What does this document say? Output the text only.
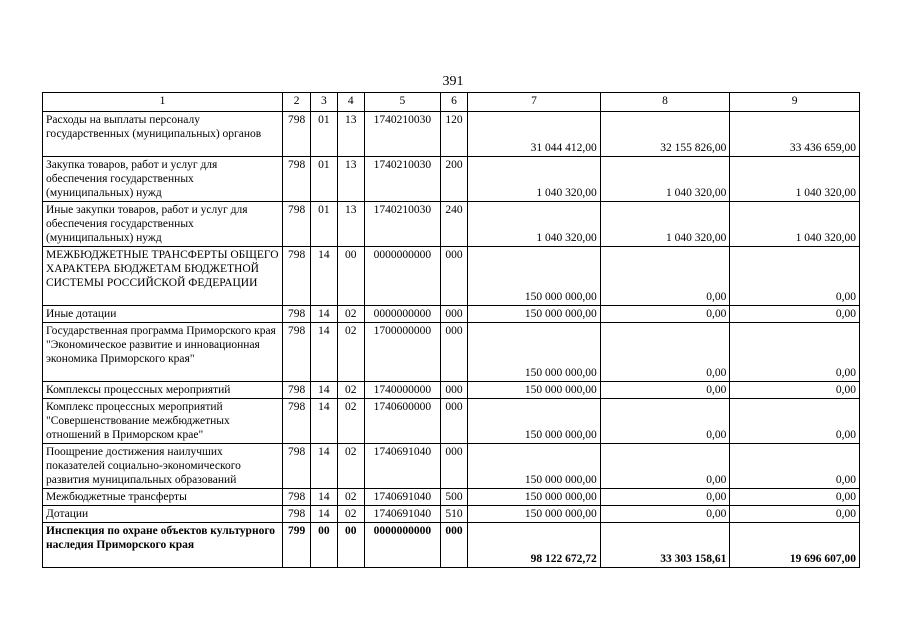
391
1	2	3	4	5	6	7	8	9
Расходы на выплаты персоналу государственных (муниципальных) органов	798	01	13	1740210030	120	31 044 412,00	32 155 826,00	33 436 659,00
Закупка товаров, работ и услуг для обеспечения государственных (муниципальных) нужд	798	01	13	1740210030	200	1 040 320,00	1 040 320,00	1 040 320,00
Иные закупки товаров, работ и услуг для обеспечения государственных (муниципальных) нужд	798	01	13	1740210030	240	1 040 320,00	1 040 320,00	1 040 320,00
МЕЖБЮДЖЕТНЫЕ ТРАНСФЕРТЫ ОБЩЕГО ХАРАКТЕРА БЮДЖЕТАМ БЮДЖЕТНОЙ СИСТЕМЫ РОССИЙСКОЙ ФЕДЕРАЦИИ	798	14	00	0000000000	000	150 000 000,00	0,00	0,00
Иные дотации	798	14	02	0000000000	000	150 000 000,00	0,00	0,00
Государственная программа Приморского края "Экономическое развитие и инновационная экономика Приморского края"	798	14	02	1700000000	000	150 000 000,00	0,00	0,00
Комплексы процессных мероприятий	798	14	02	1740000000	000	150 000 000,00	0,00	0,00
Комплекс процессных мероприятий "Совершенствование межбюджетных отношений в Приморском крае"	798	14	02	1740600000	000	150 000 000,00	0,00	0,00
Поощрение достижения наилучших показателей социально-экономического развития муниципальных образований	798	14	02	1740691040	000	150 000 000,00	0,00	0,00
Межбюджетные трансферты	798	14	02	1740691040	500	150 000 000,00	0,00	0,00
Дотации	798	14	02	1740691040	510	150 000 000,00	0,00	0,00
Инспекция по охране объектов культурного наследия Приморского края	799	00	00	0000000000	000	98 122 672,72	33 303 158,61	19 696 607,00
